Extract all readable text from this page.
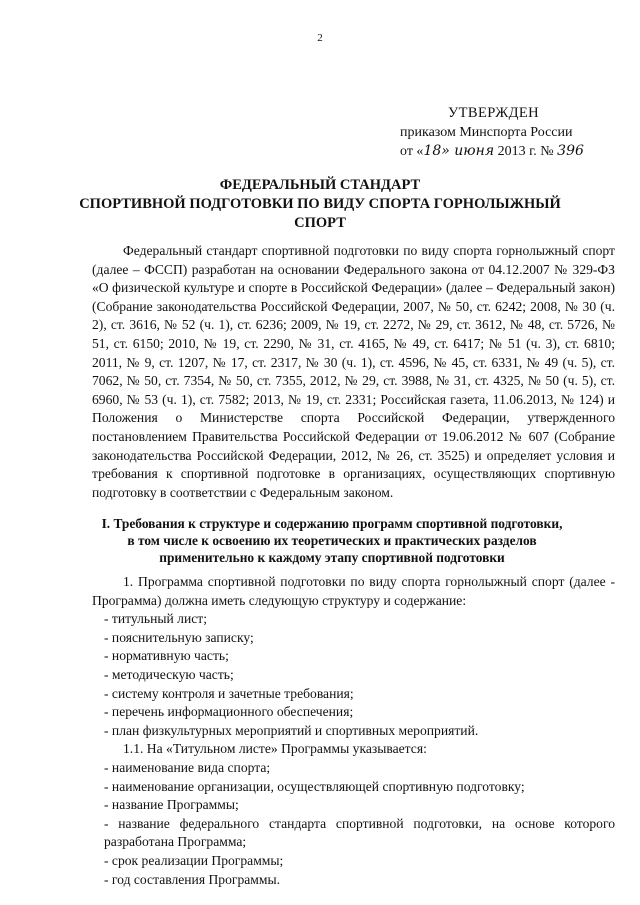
2
УТВЕРЖДЕН
приказом Минспорта России
от «18» июня 2013 г. № 396
ФЕДЕРАЛЬНЫЙ СТАНДАРТ
СПОРТИВНОЙ ПОДГОТОВКИ ПО ВИДУ СПОРТА ГОРНОЛЫЖНЫЙ
СПОРТ

Федеральный стандарт спортивной подготовки по виду спорта горнолыжный спорт (далее – ФССП) разработан на основании Федерального закона от 04.12.2007 № 329-ФЗ «О физической культуре и спорте в Российской Федерации» (далее – Федеральный закон) (Собрание законодательства Российской Федерации, 2007, № 50, ст. 6242; 2008, № 30 (ч. 2), ст. 3616, № 52 (ч. 1), ст. 6236; 2009, № 19, ст. 2272, № 29, ст. 3612, № 48, ст. 5726, № 51, ст. 6150; 2010, № 19, ст. 2290, № 31, ст. 4165, № 49, ст. 6417; № 51 (ч. 3), ст. 6810; 2011, № 9, ст. 1207, № 17, ст. 2317, № 30 (ч. 1), ст. 4596, № 45, ст. 6331, № 49 (ч. 5), ст. 7062, № 50, ст. 7354, № 50, ст. 7355, 2012, № 29, ст. 3988, № 31, ст. 4325, № 50 (ч. 5), ст. 6960, № 53 (ч. 1), ст. 7582; 2013, № 19, ст. 2331; Российская газета, 11.06.2013, № 124) и Положения о Министерстве спорта Российской Федерации, утвержденного постановлением Правительства Российской Федерации от 19.06.2012 № 607 (Собрание законодательства Российской Федерации, 2012, № 26, ст. 3525) и определяет условия и требования к спортивной подготовке в организациях, осуществляющих спортивную подготовку в соответствии с Федеральным законом.

I. Требования к структуре и содержанию программ спортивной подготовки,
в том числе к освоению их теоретических и практических разделов
применительно к каждому этапу спортивной подготовки

1. Программа спортивной подготовки по виду спорта горнолыжный спорт (далее - Программа) должна иметь следующую структуру и содержание:

- титульный лист;

- пояснительную записку;

- нормативную часть;

- методическую часть;

- систему контроля и зачетные требования;

- перечень информационного обеспечения;

- план физкультурных мероприятий и спортивных мероприятий.

1.1. На «Титульном листе» Программы указывается:

- наименование вида спорта;

- наименование организации, осуществляющей спортивную подготовку;

- название Программы;

- название федерального стандарта спортивной подготовки, на основе которого разработана Программа;

- срок реализации Программы;

- год составления Программы.
